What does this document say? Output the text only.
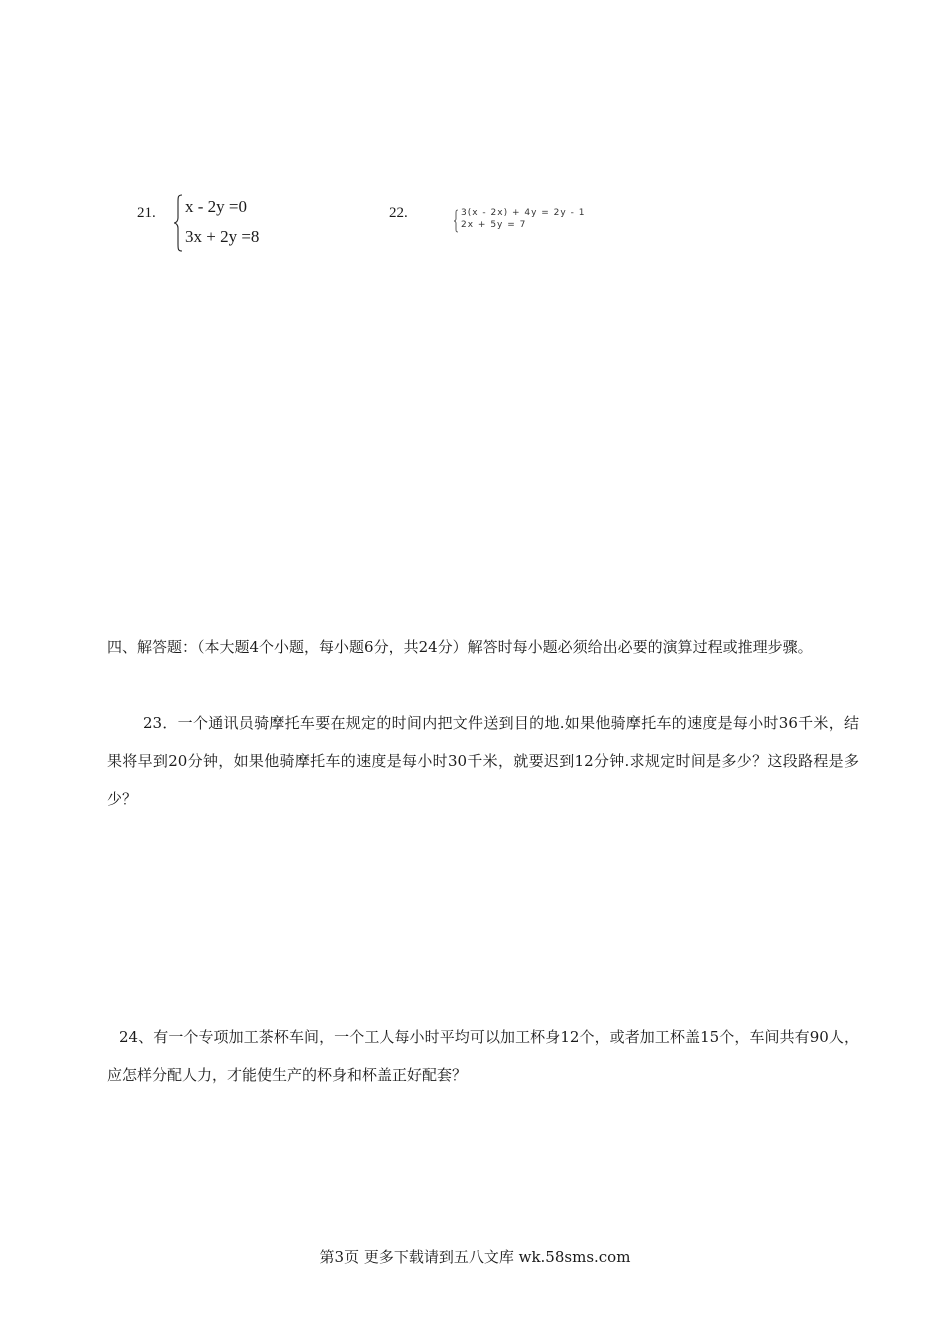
21. x - 2y =0
3x + 2y =8
22.	3(x - 2x) + 4y = 2y - 1
2x + 5y = 7
四、解答题：（本大题4个小题，每小题6分，共24分）解答时每小题必须给出必要的演算过程或推理步骤。
23．一个通讯员骑摩托车要在规定的时间内把文件送到目的地.如果他骑摩托车的速度是每小时36千米，结果将早到20分钟，如果他骑摩托车的速度是每小时30千米，就要迟到12分钟.求规定时间是多少？这段路程是多少？
24、有一个专项加工茶杯车间，一个工人每小时平均可以加工杯身12个，或者加工杯盖15个，车间共有90人，应怎样分配人力，才能使生产的杯身和杯盖正好配套？
第3页 更多下载请到五八文库 wk.58sms.com
